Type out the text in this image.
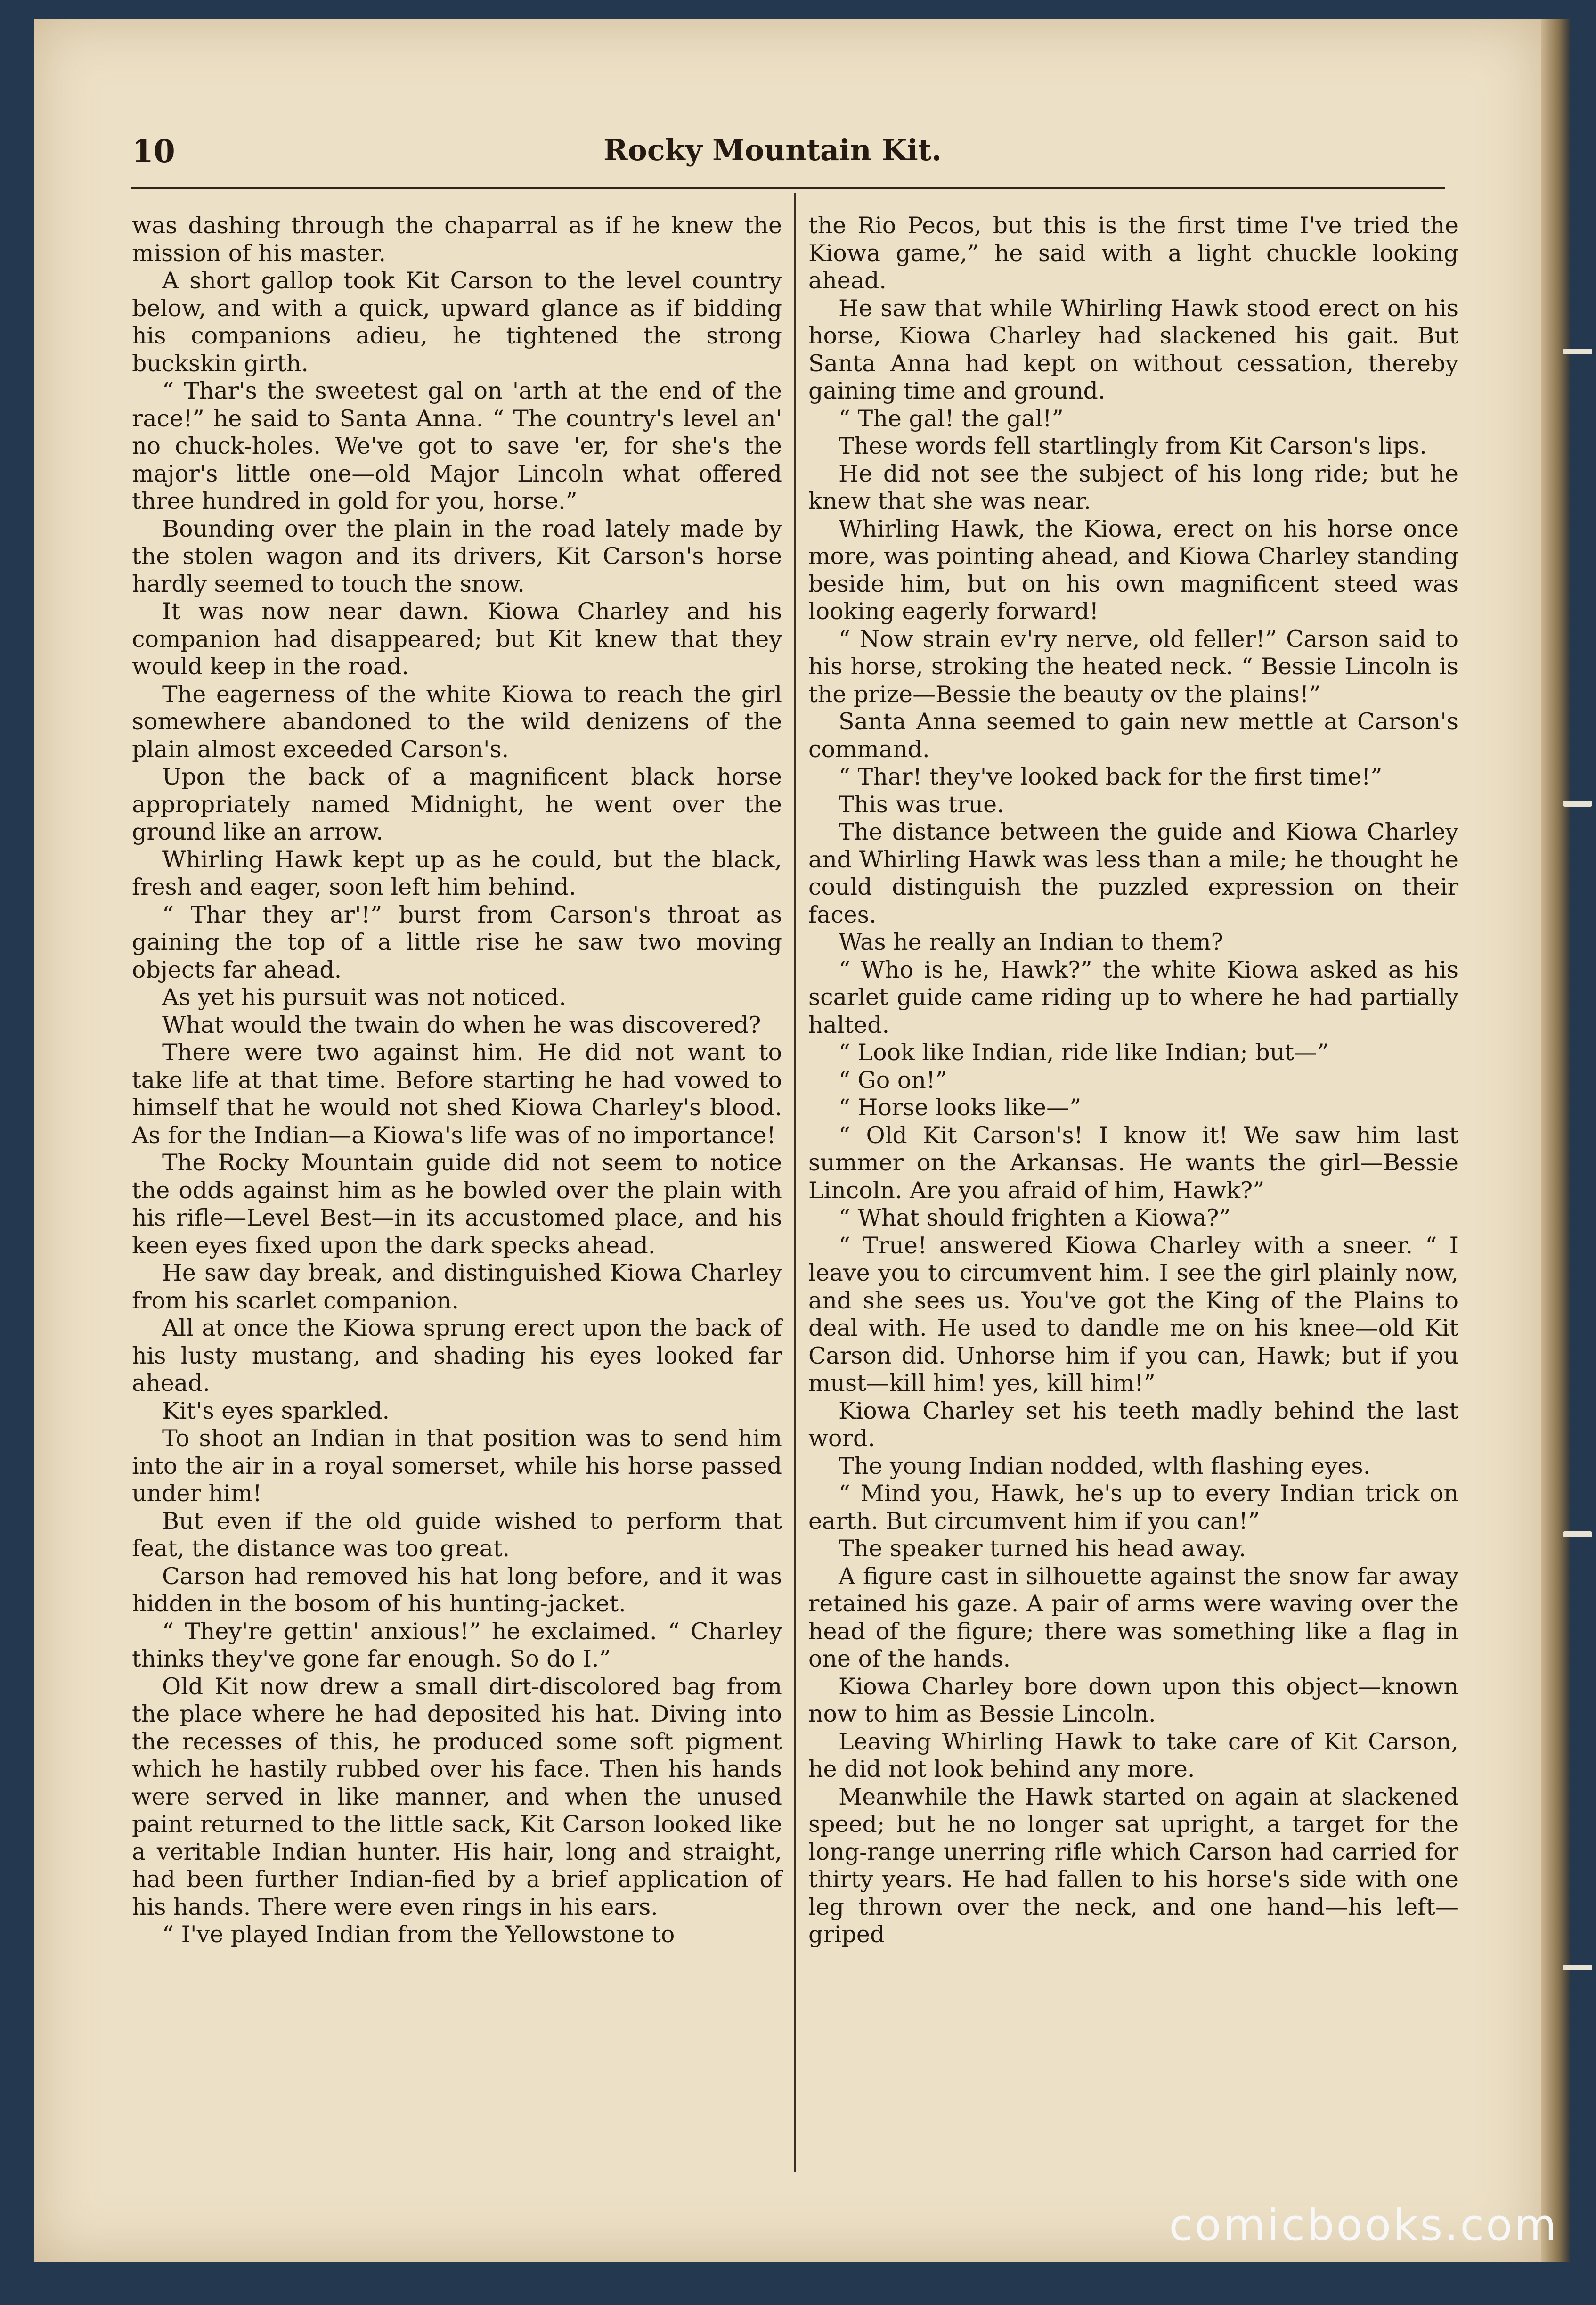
10	Rocky Mountain Kit.

was dashing through the chaparral as if he knew the mission of his master.

A short gallop took Kit Carson to the level country below, and with a quick, upward glance as if bidding his companions adieu, he tightened the strong buckskin girth.

“ Thar's the sweetest gal on 'arth at the end of the race!” he said to Santa Anna. “ The country's level an' no chuck-holes. We've got to save 'er, for she's the major's little one—old Major Lincoln what offered three hundred in gold for you, horse.”

Bounding over the plain in the road lately made by the stolen wagon and its drivers, Kit Carson's horse hardly seemed to touch the snow.

It was now near dawn. Kiowa Charley and his companion had disappeared; but Kit knew that they would keep in the road.

The eagerness of the white Kiowa to reach the girl somewhere abandoned to the wild denizens of the plain almost exceeded Carson's.

Upon the back of a magnificent black horse appropriately named Midnight, he went over the ground like an arrow.

Whirling Hawk kept up as he could, but the black, fresh and eager, soon left him behind.

“ Thar they ar'!” burst from Carson's throat as gaining the top of a little rise he saw two moving objects far ahead.

As yet his pursuit was not noticed.

What would the twain do when he was discovered?

There were two against him. He did not want to take life at that time. Before starting he had vowed to himself that he would not shed Kiowa Charley's blood. As for the Indian—a Kiowa's life was of no importance!

The Rocky Mountain guide did not seem to notice the odds against him as he bowled over the plain with his rifle—Level Best—in its accustomed place, and his keen eyes fixed upon the dark specks ahead.

He saw day break, and distinguished Kiowa Charley from his scarlet companion.

All at once the Kiowa sprung erect upon the back of his lusty mustang, and shading his eyes looked far ahead.

Kit's eyes sparkled.

To shoot an Indian in that position was to send him into the air in a royal somerset, while his horse passed under him!

But even if the old guide wished to perform that feat, the distance was too great.

Carson had removed his hat long before, and it was hidden in the bosom of his hunting-jacket.

“ They're gettin' anxious!” he exclaimed. “ Charley thinks they've gone far enough. So do I.”

Old Kit now drew a small dirt-discolored bag from the place where he had deposited his hat. Diving into the recesses of this, he produced some soft pigment which he hastily rubbed over his face. Then his hands were served in like manner, and when the unused paint returned to the little sack, Kit Carson looked like a veritable Indian hunter. His hair, long and straight, had been further Indian-fied by a brief application of his hands. There were even rings in his ears.

“ I've played Indian from the Yellowstone to

the Rio Pecos, but this is the first time I've tried the Kiowa game,” he said with a light chuckle looking ahead.

He saw that while Whirling Hawk stood erect on his horse, Kiowa Charley had slackened his gait. But Santa Anna had kept on without cessation, thereby gaining time and ground.

“ The gal! the gal!”

These words fell startlingly from Kit Carson's lips.

He did not see the subject of his long ride; but he knew that she was near.

Whirling Hawk, the Kiowa, erect on his horse once more, was pointing ahead, and Kiowa Charley standing beside him, but on his own magnificent steed was looking eagerly forward!

“ Now strain ev'ry nerve, old feller!” Carson said to his horse, stroking the heated neck. “ Bessie Lincoln is the prize—Bessie the beauty ov the plains!”

Santa Anna seemed to gain new mettle at Carson's command.

“ Thar! they've looked back for the first time!”

This was true.

The distance between the guide and Kiowa Charley and Whirling Hawk was less than a mile; he thought he could distinguish the puzzled expression on their faces.

Was he really an Indian to them?

“ Who is he, Hawk?” the white Kiowa asked as his scarlet guide came riding up to where he had partially halted.

“ Look like Indian, ride like Indian; but—”

“ Go on!”

“ Horse looks like—”

“ Old Kit Carson's! I know it! We saw him last summer on the Arkansas. He wants the girl—Bessie Lincoln. Are you afraid of him, Hawk?”

“ What should frighten a Kiowa?”

“ True! answered Kiowa Charley with a sneer. “ I leave you to circumvent him. I see the girl plainly now, and she sees us. You've got the King of the Plains to deal with. He used to dandle me on his knee—old Kit Carson did. Unhorse him if you can, Hawk; but if you must—kill him! yes, kill him!”

Kiowa Charley set his teeth madly behind the last word.

The young Indian nodded, wlth flashing eyes.

“ Mind you, Hawk, he's up to every Indian trick on earth. But circumvent him if you can!”

The speaker turned his head away.

A figure cast in silhouette against the snow far away retained his gaze. A pair of arms were waving over the head of the figure; there was something like a flag in one of the hands.

Kiowa Charley bore down upon this object—known now to him as Bessie Lincoln.

Leaving Whirling Hawk to take care of Kit Carson, he did not look behind any more.

Meanwhile the Hawk started on again at slackened speed; but he no longer sat upright, a target for the long-range unerring rifle which Carson had carried for thirty years. He had fallen to his horse's side with one leg thrown over the neck, and one hand—his left—griped

comicbooks.com
